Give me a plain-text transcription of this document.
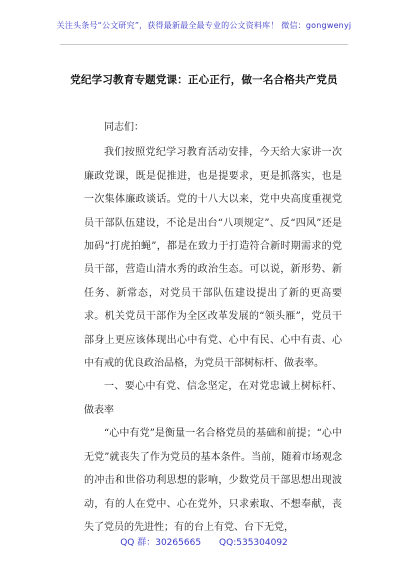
关注头条号“公文研究”，获得最新最全最专业的公文资料库！ 微信：gongwenyj
党纪学习教育专题党课：正心正行，做一名合格共产党员

同志们：

我们按照党纪学习教育活动安排，今天给大家讲一次廉政党课，既是促推进，也是提要求，更是抓落实，也是一次集体廉政谈话。党的十八大以来，党中央高度重视党员干部队伍建设，不论是出台“八项规定”、反“四风”还是加码“打虎拍蝇”，都是在致力于打造符合新时期需求的党员干部，营造山清水秀的政治生态。可以说，新形势、新任务、新常态，对党员干部队伍建设提出了新的更高要求。机关党员干部作为全区改革发展的“领头雁”，党员干部身上更应该体现出心中有党、心中有民、心中有责、心中有戒的优良政治品格，为党员干部树标杆、做表率。

一、要心中有党、信念坚定，在对党忠诚上树标杆、做表率

“心中有党”是衡量一名合格党员的基础和前提；“心中无党”就丧失了作为党员的基本条件。当前，随着市场观念的冲击和世俗功利思想的影响，少数党员干部思想出现波动，有的人在党中、心在党外，只求索取、不想奉献，丧失了党员的先进性；有的台上有党、台下无党，

QQ 群：30265665 QQ:535304092
